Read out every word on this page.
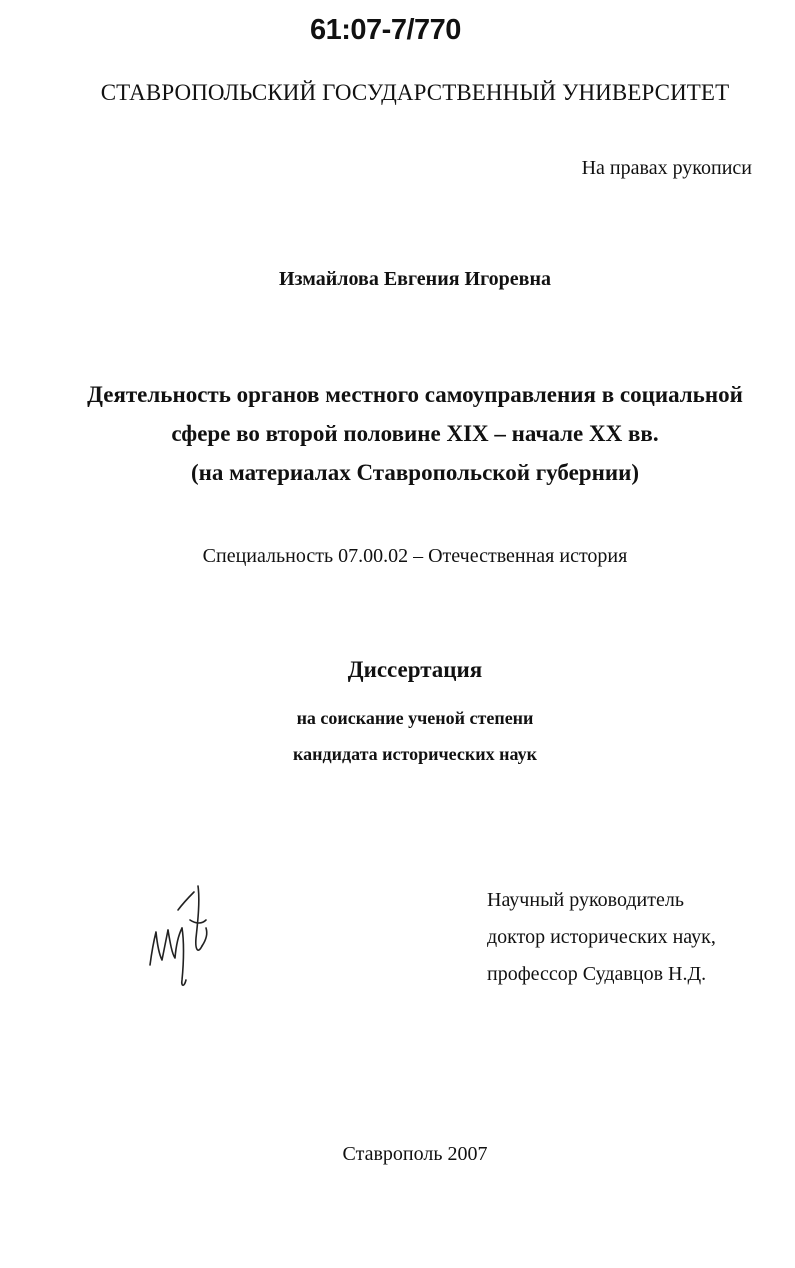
61:07-7/770
СТАВРОПОЛЬСКИЙ ГОСУДАРСТВЕННЫЙ УНИВЕРСИТЕТ
На правах рукописи
Измайлова Евгения Игоревна
Деятельность органов местного самоуправления в социальной
сфере во второй половине XIX – начале XX вв.
(на материалах Ставропольской губернии)
Специальность 07.00.02 – Отечественная история
Диссертация
на соискание ученой степени
кандидата исторических наук
Научный руководитель
доктор исторических наук,
профессор Судавцов Н.Д.
Ставрополь 2007
